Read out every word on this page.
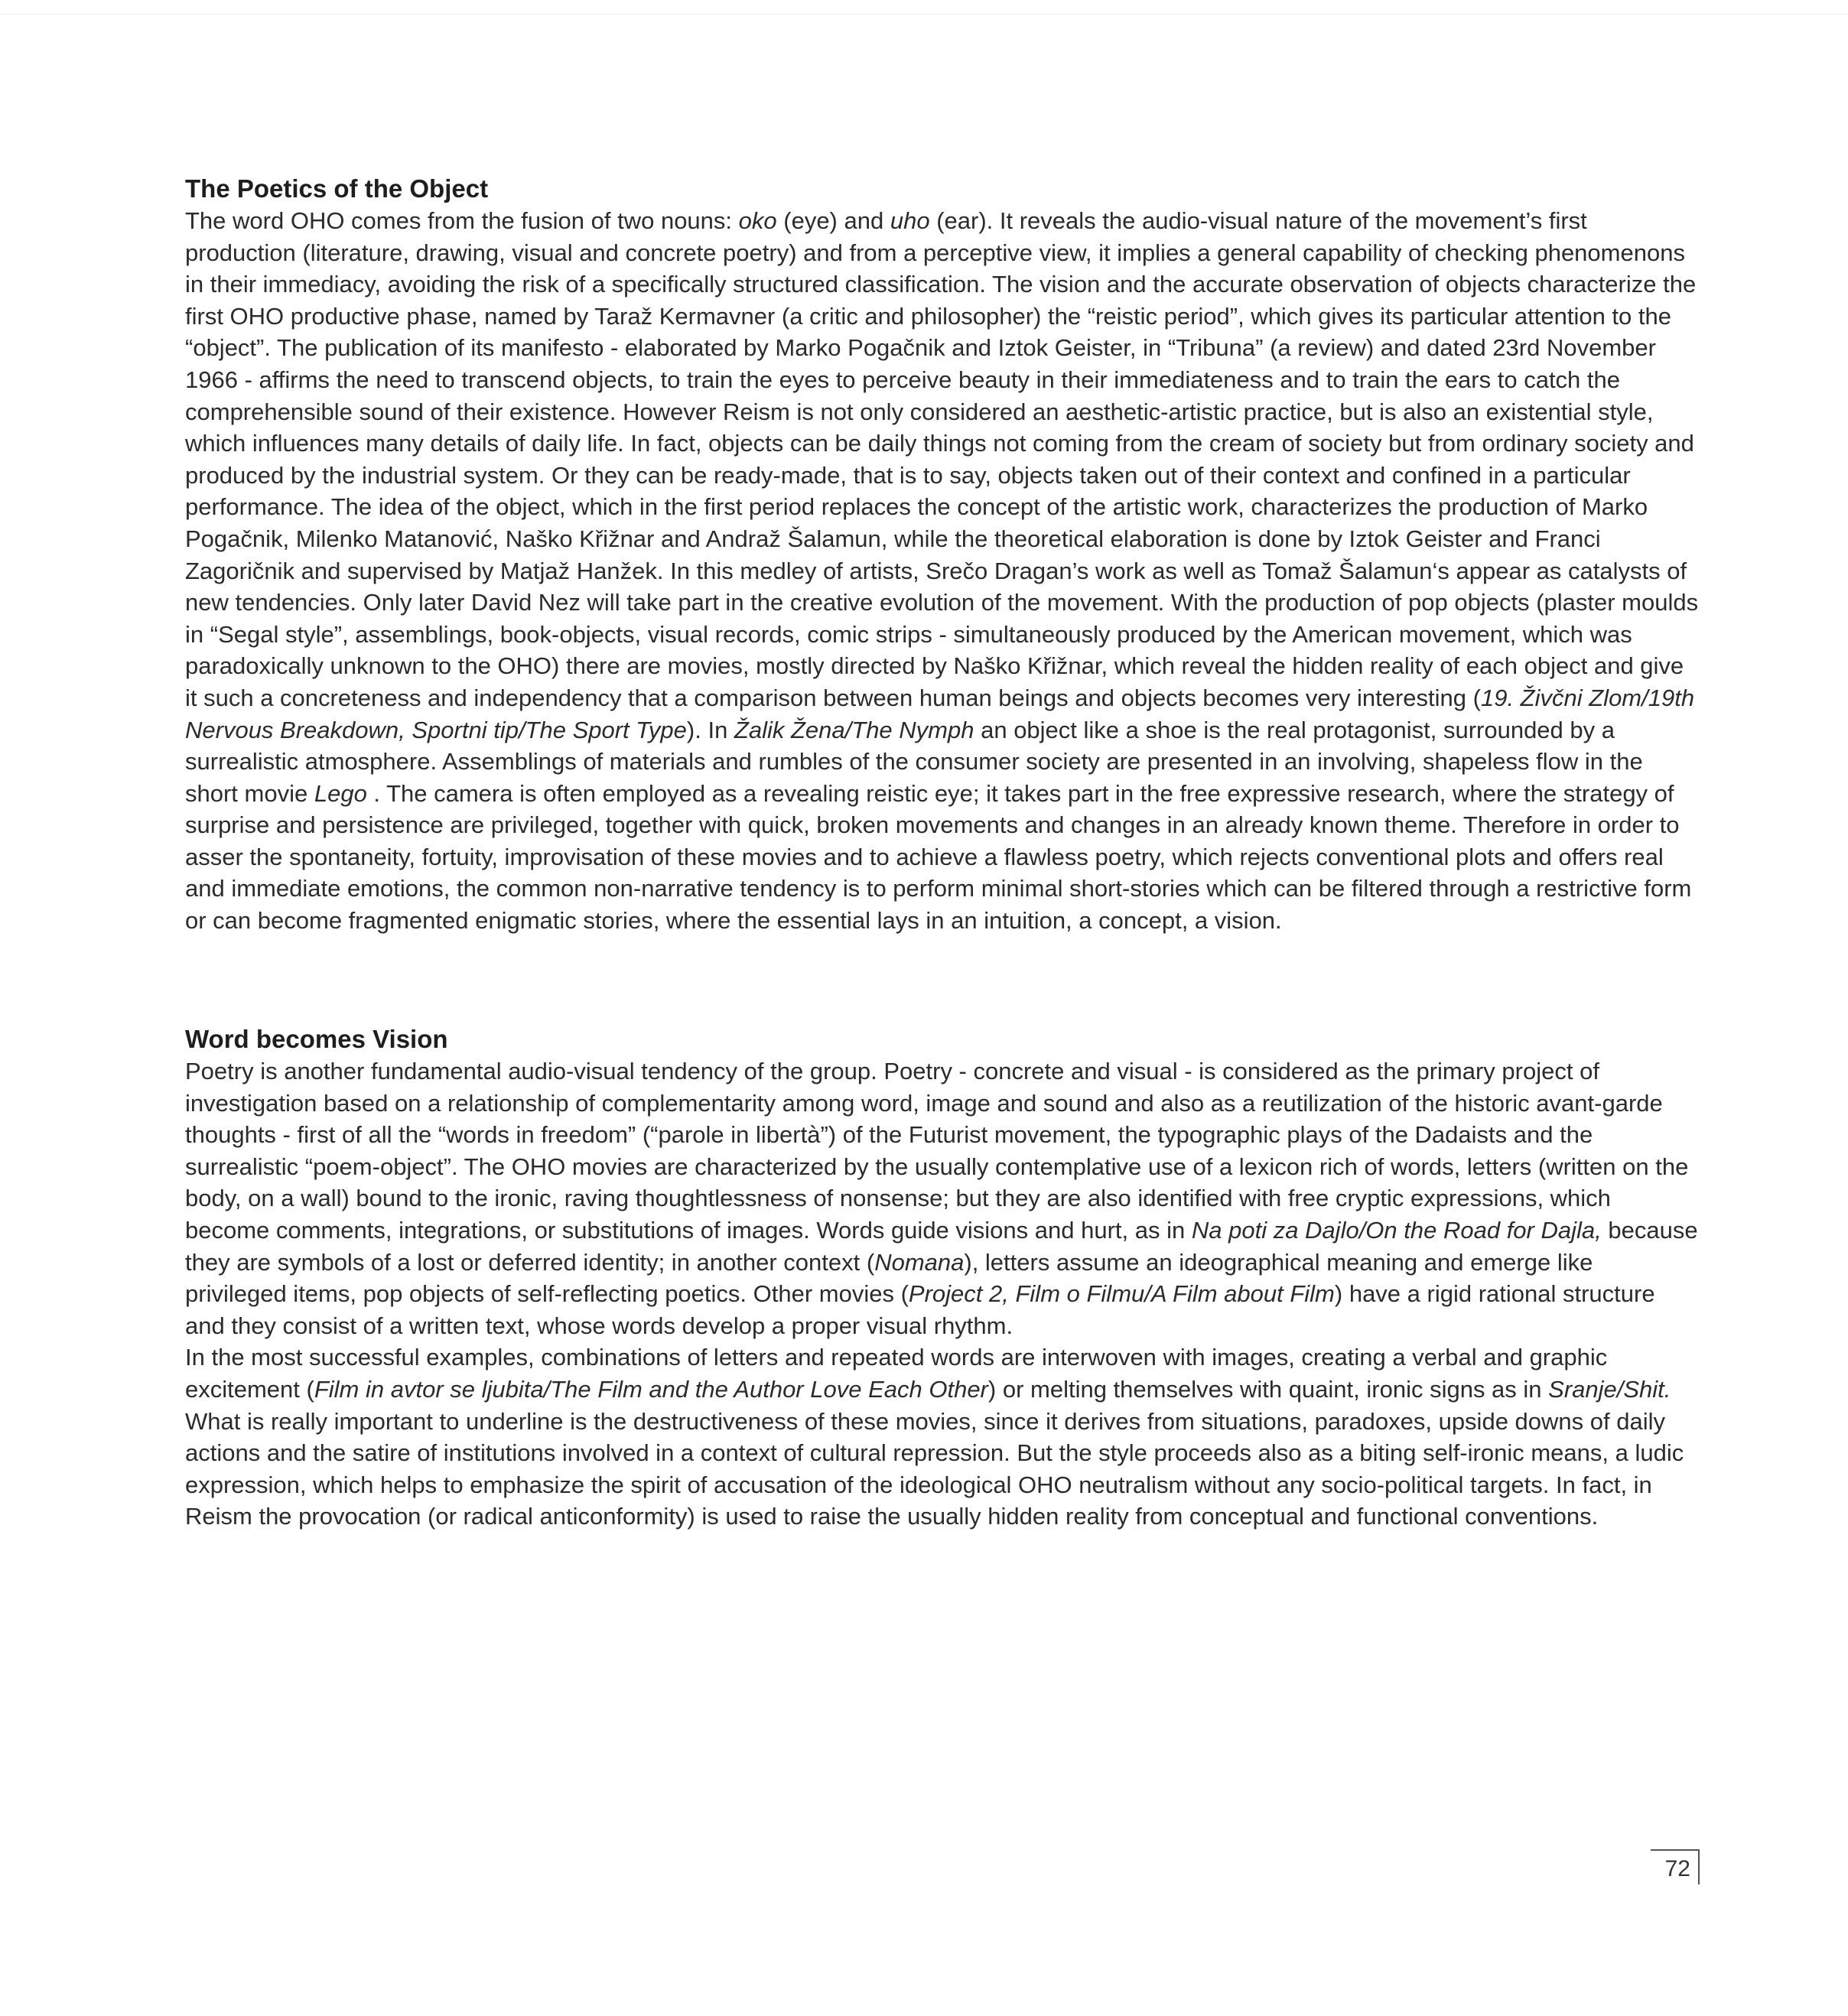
The Poetics of the Object

The word OHO comes from the fusion of two nouns: oko (eye) and uho (ear). It reveals the audio-visual nature of the movement’s first production (literature, drawing, visual and concrete poetry) and from a perceptive view, it implies a general capability of checking phenomenons in their immediacy, avoiding the risk of a specifically structured classification. The vision and the accurate observation of objects characterize the first OHO productive phase, named by Taraž Kermavner (a critic and philosopher) the “reistic period”, which gives its particular attention to the “object”. The publication of its manifesto - elaborated by Marko Pogačnik and Iztok Geister, in “Tribuna” (a review) and dated 23rd November 1966 - affirms the need to transcend objects, to train the eyes to perceive beauty in their immediateness and to train the ears to catch the comprehensible sound of their existence. However Reism is not only considered an aesthetic-artistic practice, but is also an existential style, which influences many details of daily life. In fact, objects can be daily things not coming from the cream of society but from ordinary society and produced by the industrial system. Or they can be ready-made, that is to say, objects taken out of their context and confined in a particular performance. The idea of the object, which in the first period replaces the concept of the artistic work, characterizes the production of Marko Pogačnik, Milenko Matanović, Naško Křižnar and Andraž Šalamun, while the theoretical elaboration is done by Iztok Geister and Franci Zagoričnik and supervised by Matjaž Hanžek. In this medley of artists, Srečo Dragan’s work as well as Tomaž Šalamun‘s appear as catalysts of new tendencies. Only later David Nez will take part in the creative evolution of the movement. With the production of pop objects (plaster moulds in “Segal style”, assemblings, book-objects, visual records, comic strips - simultaneously produced by the American movement, which was paradoxically unknown to the OHO) there are movies, mostly directed by Naško Křižnar, which reveal the hidden reality of each object and give it such a concreteness and independency that a comparison between human beings and objects becomes very interesting (19. Živčni Zlom/19th Nervous Breakdown, Sportni tip/The Sport Type). In Žalik Žena/The Nymph an object like a shoe is the real protagonist, surrounded by a surrealistic atmosphere. Assemblings of materials and rumbles of the consumer society are presented in an involving, shapeless flow in the short movie Lego . The camera is often employed as a revealing reistic eye; it takes part in the free expressive research, where the strategy of surprise and persistence are privileged, together with quick, broken movements and changes in an already known theme. Therefore in order to asser the spontaneity, fortuity, improvisation of these movies and to achieve a flawless poetry, which rejects conventional plots and offers real and immediate emotions, the common non-narrative tendency is to perform minimal short-stories which can be filtered through a restrictive form or can become fragmented enigmatic stories, where the essential lays in an intuition, a concept, a vision.

Word becomes Vision

Poetry is another fundamental audio-visual tendency of the group. Poetry - concrete and visual - is considered as the primary project of investigation based on a relationship of complementarity among word, image and sound and also as a reutilization of the historic avant-garde thoughts - first of all the “words in freedom” (“parole in libertà”) of the Futurist movement, the typographic plays of the Dadaists and the surrealistic “poem-object”. The OHO movies are characterized by the usually contemplative use of a lexicon rich of words, letters (written on the body, on a wall) bound to the ironic, raving thoughtlessness of nonsense; but they are also identified with free cryptic expressions, which become comments, integrations, or substitutions of images. Words guide visions and hurt, as in Na poti za Dajlo/On the Road for Dajla, because they are symbols of a lost or deferred identity; in another context (Nomana), letters assume an ideographical meaning and emerge like privileged items, pop objects of self-reflecting poetics. Other movies (Project 2, Film o Filmu/A Film about Film) have a rigid rational structure and they consist of a written text, whose words develop a proper visual rhythm.

In the most successful examples, combinations of letters and repeated words are interwoven with images, creating a verbal and graphic excitement (Film in avtor se ljubita/The Film and the Author Love Each Other) or melting themselves with quaint, ironic signs as in Sranje/Shit. What is really important to underline is the destructiveness of these movies, since it derives from situations, paradoxes, upside downs of daily actions and the satire of institutions involved in a context of cultural repression. But the style proceeds also as a biting self-ironic means, a ludic expression, which helps to emphasize the spirit of accusation of the ideological OHO neutralism without any socio-political targets. In fact, in Reism the provocation (or radical anticonformity) is used to raise the usually hidden reality from conceptual and functional conventions.

72
